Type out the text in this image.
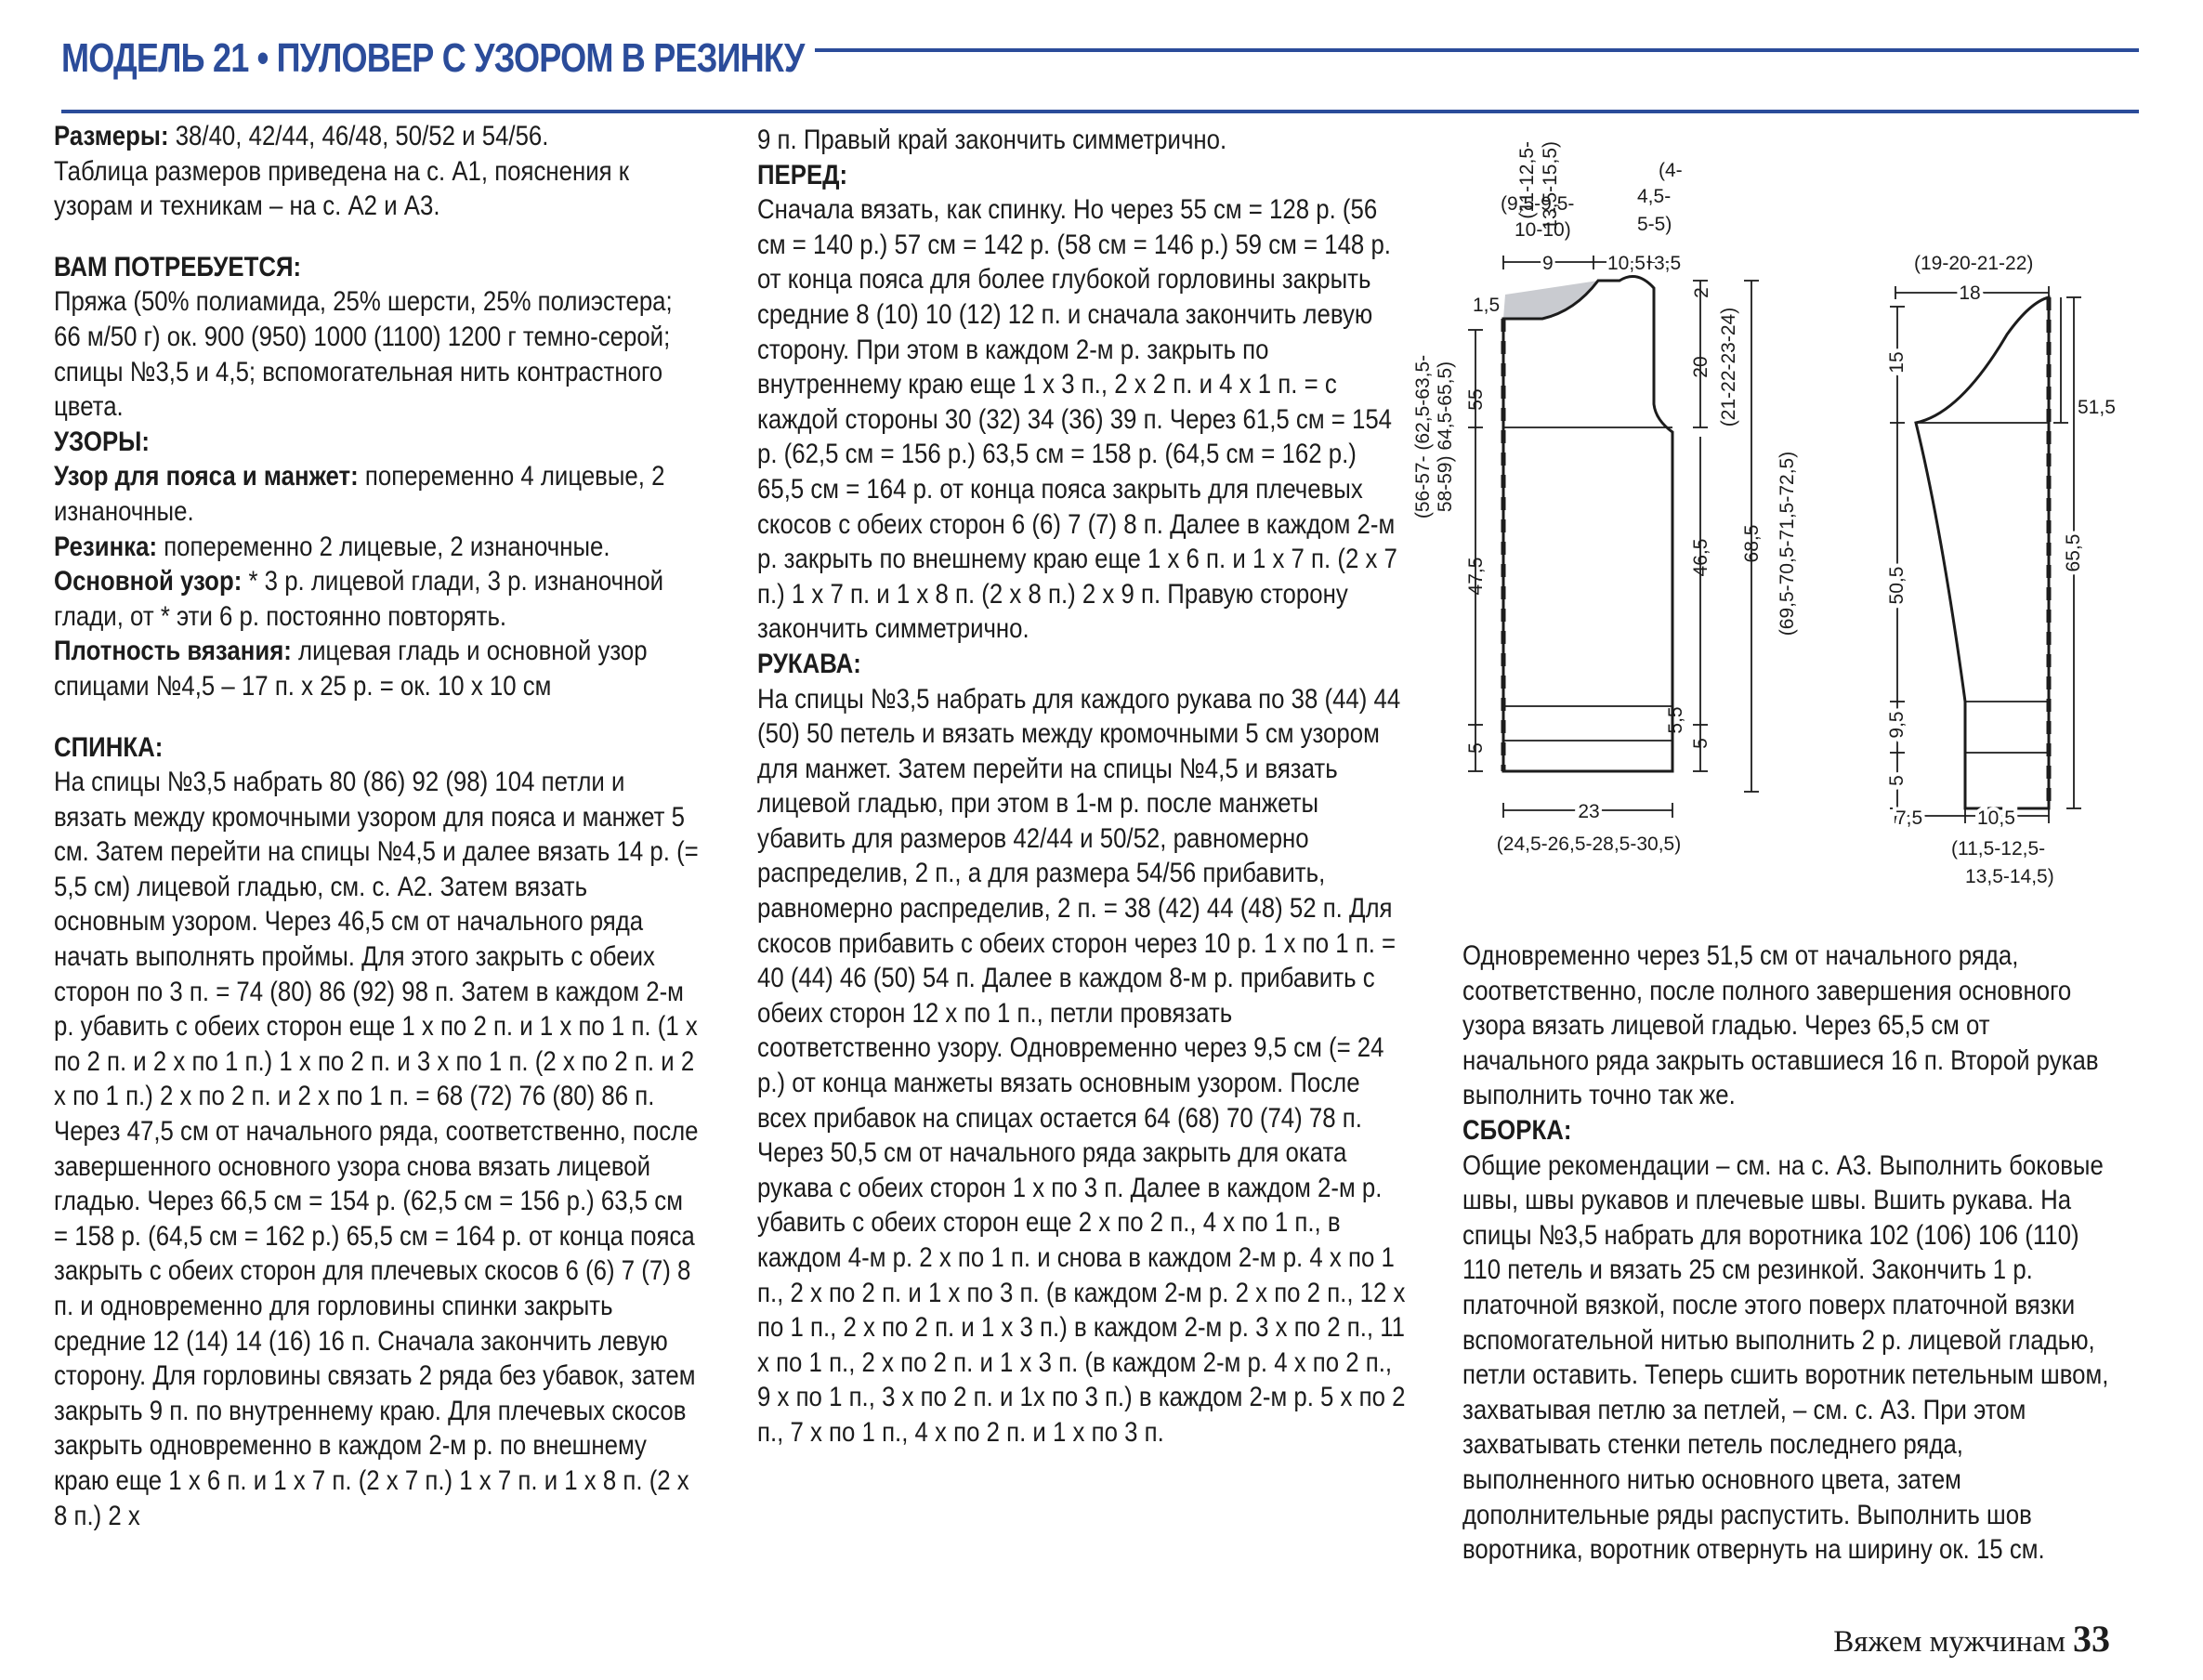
МОДЕЛЬ 21 • ПУЛОВЕР С УЗОРОМ В РЕЗИНКУ

Размеры: 38/40, 42/44, 46/48, 50/52 и 54/56.

Таблица размеров приведена на с. А1, пояснения к узорам и техникам – на с. А2 и А3.

ВАМ ПОТРЕБУЕТСЯ:

Пряжа (50% полиамида, 25% шерсти, 25% полиэстера; 66 м/50 г) ок. 900 (950) 1000 (1100) 1200 г темно-серой; спицы №3,5 и 4,5; вспомогательная нить контрастного цвета.

УЗОРЫ:

Узор для пояса и манжет: попеременно 4 лицевые, 2 изнаночные.

Резинка: попеременно 2 лицевые, 2 изнаночные.

Основной узор: * 3 р. лицевой глади, 3 р. изнаночной глади, от * эти 6 р. постоянно повторять.

Плотность вязания: лицевая гладь и основной узор спицами №4,5 – 17 п. х 25 р. = ок. 10 х 10 см

СПИНКА:

На спицы №3,5 набрать 80 (86) 92 (98) 104 петли и вязать между кромочными узором для пояса и манжет 5 см. Затем перейти на спицы №4,5 и далее вязать 14 р. (= 5,5 см) лицевой гладью, см. с. А2. Затем вязать основным узором. Через 46,5 см от начального ряда начать выполнять проймы. Для этого закрыть с обеих сторон по 3 п. = 74 (80) 86 (92) 98 п. Затем в каждом 2-м р. убавить с обеих сторон еще 1 х по 2 п. и 1 х по 1 п. (1 х по 2 п. и 2 х по 1 п.) 1 х по 2 п. и 3 х по 1 п. (2 х по 2 п. и 2 х по 1 п.) 2 х по 2 п. и 2 х по 1 п. = 68 (72) 76 (80) 86 п. Через 47,5 см от начального ряда, соответственно, после завершенного основного узора снова вязать лицевой гладью. Через 66,5 см = 154 р. (62,5 см = 156 р.) 63,5 см = 158 р. (64,5 см = 162 р.) 65,5 см = 164 р. от конца пояса закрыть с обеих сторон для плечевых скосов 6 (6) 7 (7) 8 п. и одновременно для горловины спинки закрыть средние 12 (14) 14 (16) 16 п. Сначала закончить левую сторону. Для горловины связать 2 ряда без убавок, затем закрыть 9 п. по внутреннему краю. Для плечевых скосов закрыть одновременно в каждом 2-м р. по внешнему краю еще 1 х 6 п. и 1 х 7 п. (2 х 7 п.) 1 х 7 п. и 1 х 8 п. (2 х 8 п.) 2 х

9 п. Правый край закончить симметрично.

ПЕРЕД:

Сначала вязать, как спинку. Но через 55 см = 128 р. (56 см = 140 р.) 57 см = 142 р. (58 см = 146 р.) 59 см = 148 р. от конца пояса для более глубокой горловины закрыть средние 8 (10) 10 (12) 12 п. и сначала закончить левую сторону. При этом в каждом 2-м р. закрыть по внутреннему краю еще 1 х 3 п., 2 х 2 п. и 4 х 1 п. = с каждой стороны 30 (32) 34 (36) 39 п. Через 61,5 см = 154 р. (62,5 см = 156 р.) 63,5 см = 158 р. (64,5 см = 162 р.) 65,5 см = 164 р. от конца пояса закрыть для плечевых скосов с обеих сторон 6 (6) 7 (7) 8 п. Далее в каждом 2-м р. закрыть по внешнему краю еще 1 х 6 п. и 1 х 7 п. (2 х 7 п.) 1 х 7 п. и 1 х 8 п. (2 х 8 п.) 2 х 9 п. Правую сторону закончить симметрично.

РУКАВА:

На спицы №3,5 набрать для каждого рукава по 38 (44) 44 (50) 50 петель и вязать между кромочными 5 см узором для манжет. Затем перейти на спицы №4,5 и вязать лицевой гладью, при этом в 1-м р. после манжеты убавить для размеров 42/44 и 50/52, равномерно распределив, 2 п., а для размера 54/56 прибавить, равномерно распределив, 2 п. = 38 (42) 44 (48) 52 п. Для скосов прибавить с обеих сторон через 10 р. 1 х по 1 п. = 40 (44) 46 (50) 54 п. Далее в каждом 8-м р. прибавить с обеих сторон 12 х по 1 п., петли провязать соответственно узору. Одновременно через 9,5 см (= 24 р.) от конца манжеты вязать основным узором. После всех прибавок на спицах остается 64 (68) 70 (74) 78 п. Через 50,5 см от начального ряда закрыть для оката рукава с обеих сторон 1 х по 3 п. Далее в каждом 2-м р. убавить с обеих сторон еще 2 х по 2 п., 4 х по 1 п., в каждом 4-м р. 2 х по 1 п. и снова в каждом 2-м р. 4 х по 1 п., 2 х по 2 п. и 1 х по 3 п. (в каждом 2-м р. 2 х по 2 п., 12 х по 1 п., 2 х по 2 п. и 1 х 3 п.) в каждом 2-м р. 3 х по 2 п., 11 х по 1 п., 2 х по 2 п. и 1 х 3 п. (в каждом 2-м р. 4 х по 2 п., 9 х по 1 п., 3 х по 2 п. и 1х по 3 п.) в каждом 2-м р. 5 х по 2 п., 7 х по 1 п., 4 х по 2 п. и 1 х по 3 п.

Одновременно через 51,5 см от начального ряда, соответственно, после полного завершения основного узора вязать лицевой гладью. Через 65,5 см от начального ряда закрыть оставшиеся 16 п. Второй рукав выполнить точно так же.

СБОРКА:

Общие рекомендации – см. на с. А3. Выполнить боковые швы, швы рукавов и плечевые швы. Вшить рукава. На спицы №3,5 набрать для воротника 102 (106) 106 (110) 110 петель и вязать 25 см резинкой. Закончить 1 р. платочной вязкой, после этого поверх платочной вязки вспомогательной нитью выполнить 2 р. лицевой гладью, петли оставить. Теперь сшить воротник петельным швом, захватывая петлю за петлей, – см. с. А3. При этом захватывать стенки петель последнего ряда, выполненного нитью основного цвета, затем дополнительные ряды распустить. Выполнить шов воротника, воротник отвернуть на ширину ок. 15 см.

(11-12,5- 13,5-15,5)	(4-
4,5-
5-5)
(9,5-9,5-
10-10)
9	10,5 3,5
(56-57- (62,5-63,5- 58-59) 64,5-65,5)
1,5
55
47,5
5
20 (21-22-23-24)
46,5
5
5,5
2
68,5 (69,5-70,5-71,5-72,5)
23
(24,5-26,5-28,5-30,5)
(19-20-21-22)
18
15
51,5
50,5
9,5
5
65,5
7,5	10,5
(11,5-12,5-
13,5-14,5)
Вяжем мужчинам 33
